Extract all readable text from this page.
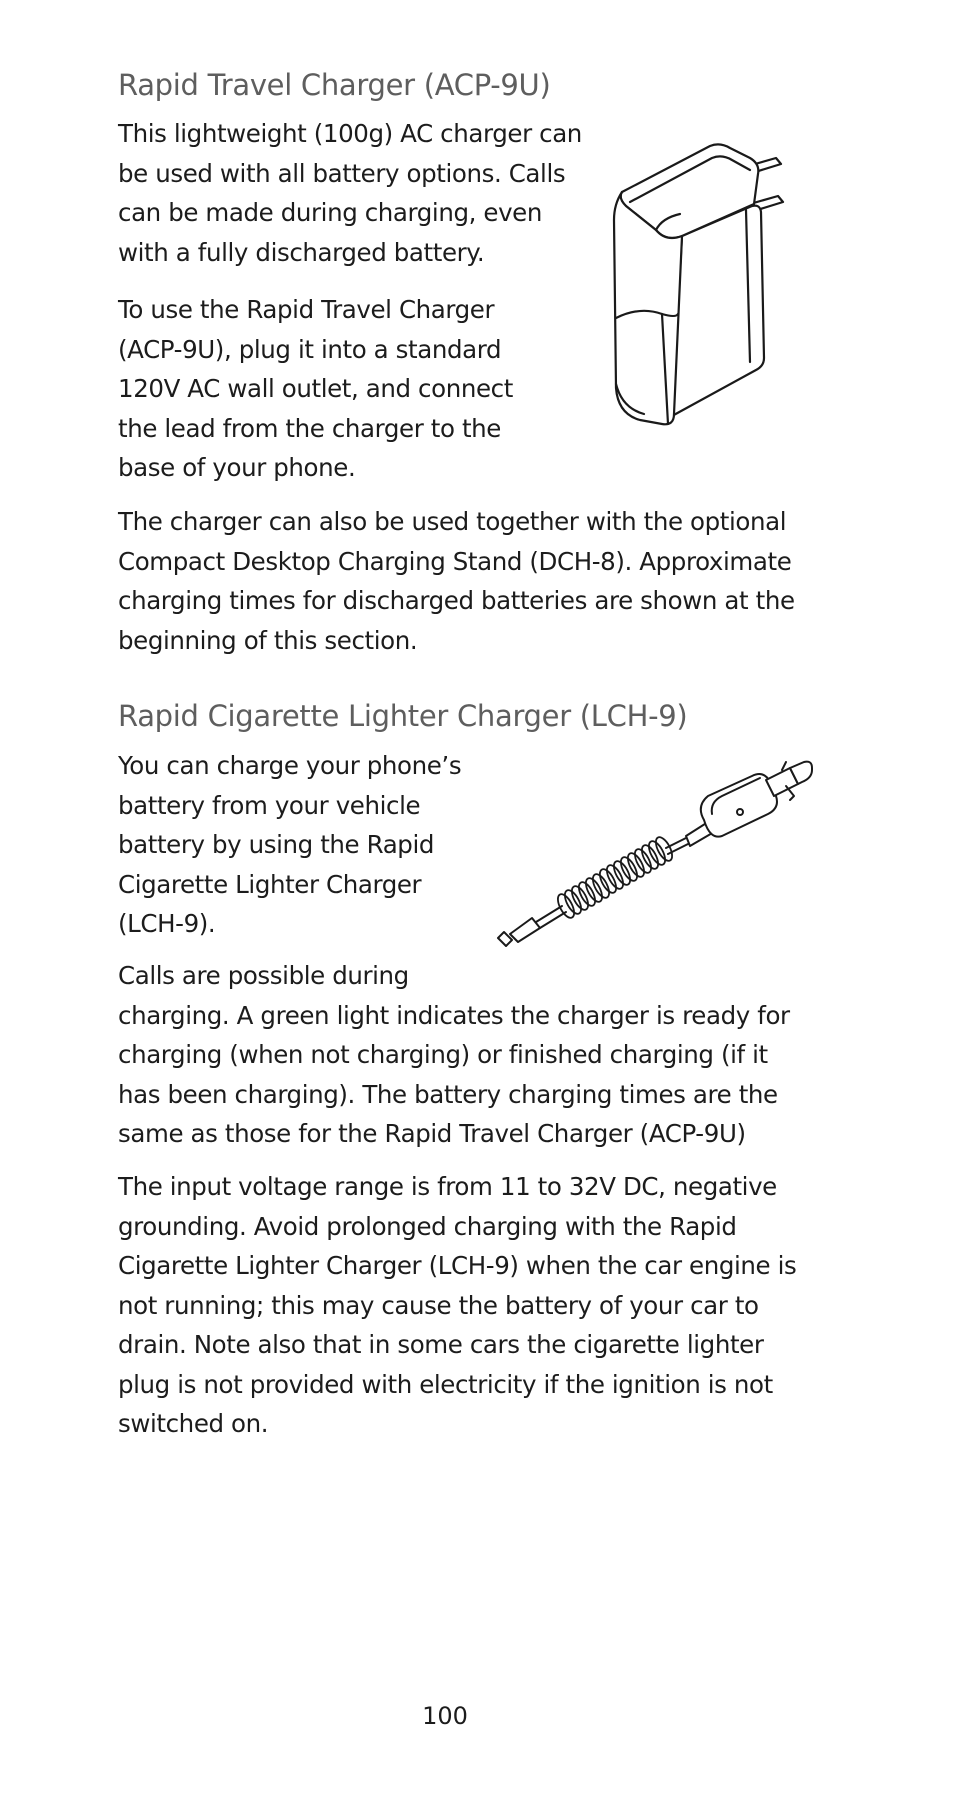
Rapid Travel Charger (ACP-9U)

This lightweight (100g) AC charger can
be used with all battery options. Calls
can be made during charging, even
with a fully discharged battery.

To use the Rapid Travel Charger
(ACP-9U), plug it into a standard
120V AC wall outlet, and connect
the lead from the charger to the
base of your phone.

The charger can also be used together with the optional
Compact Desktop Charging Stand (DCH-8). Approximate
charging times for discharged batteries are shown at the
beginning of this section.

Rapid Cigarette Lighter Charger (LCH-9)

You can charge your phone’s
battery from your vehicle
battery by using the Rapid
Cigarette Lighter Charger
(LCH-9).

Calls are possible during
charging. A green light indicates the charger is ready for
charging (when not charging) or finished charging (if it
has been charging). The battery charging times are the
same as those for the Rapid Travel Charger (ACP-9U)

The input voltage range is from 11 to 32V DC, negative
grounding. Avoid prolonged charging with the Rapid
Cigarette Lighter Charger (LCH-9) when the car engine is
not running; this may cause the battery of your car to
drain. Note also that in some cars the cigarette lighter
plug is not provided with electricity if the ignition is not
switched on.

100
